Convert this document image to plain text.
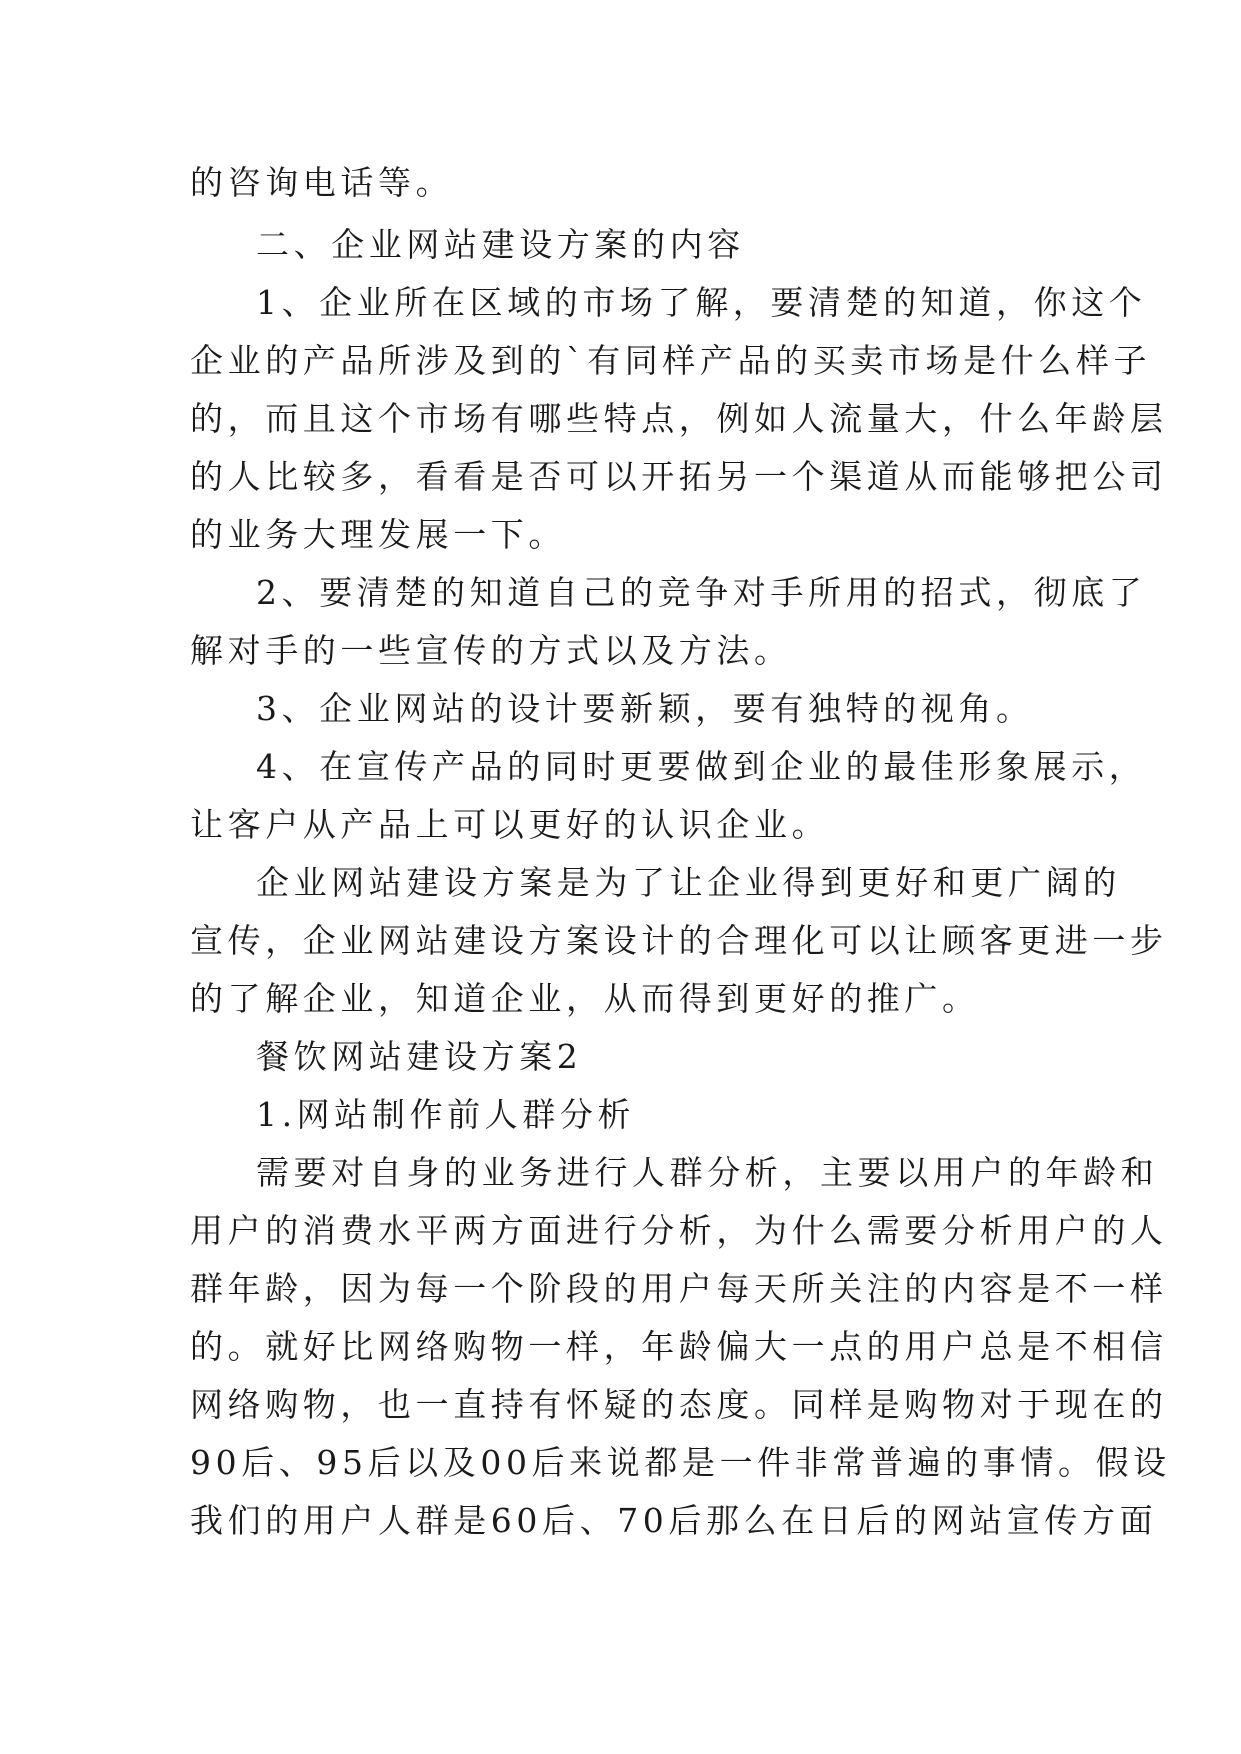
的咨询电话等。
二、企业网站建设方案的内容
1、企业所在区域的市场了解，要清楚的知道，你这个
企业的产品所涉及到的`有同样产品的买卖市场是什么样子
的，而且这个市场有哪些特点，例如人流量大，什么年龄层
的人比较多，看看是否可以开拓另一个渠道从而能够把公司
的业务大理发展一下。
2、要清楚的知道自己的竞争对手所用的招式，彻底了
解对手的一些宣传的方式以及方法。
3、企业网站的设计要新颖，要有独特的视角。
4、在宣传产品的同时更要做到企业的最佳形象展示，
让客户从产品上可以更好的认识企业。
企业网站建设方案是为了让企业得到更好和更广阔的
宣传，企业网站建设方案设计的合理化可以让顾客更进一步
的了解企业，知道企业，从而得到更好的推广。
餐饮网站建设方案2
1.网站制作前人群分析
需要对自身的业务进行人群分析，主要以用户的年龄和
用户的消费水平两方面进行分析，为什么需要分析用户的人
群年龄，因为每一个阶段的用户每天所关注的内容是不一样
的。就好比网络购物一样，年龄偏大一点的用户总是不相信
网络购物，也一直持有怀疑的态度。同样是购物对于现在的
90后、95后以及00后来说都是一件非常普遍的事情。假设
我们的用户人群是60后、70后那么在日后的网站宣传方面
